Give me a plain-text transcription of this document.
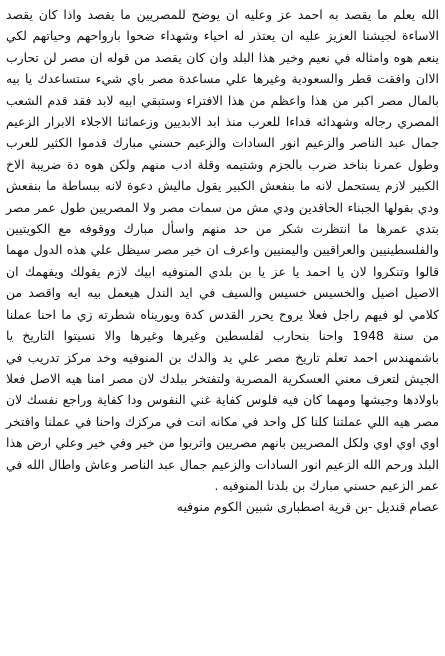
الله يعلم ما يقصد به احمد عز وعليه ان يوضح للمصريين ما يقصد واذا كان يقصد الاساءة لجيشنا العزيز عليه ان يعتذر له احياء وشهداء ضحوا بارواحهم وحياتهم لكي ينعم هوه وامثاله في نعيم وخير هذا البلد وان كان يقصد من قوله ان مصر لن تحارب الاان وافقت قطر والسعودية وغيرها علي مساعدة مصر باي شيء ستساعدك يا بيه بالمال مصر اكبر من هذا واعظم من هذا الافتراء وستبقي ابيه لابد فقد قدم الشعب المصري رجاله وشهدائه فداءا للعرب منذ ابد الابديين وزعمائنا الاجلاء الابرار الزعيم جمال عبد الناصر والزعيم انور السادات والزعيم حسني مبارك قدموا الكثير للعرب وطول عمرنا بناخد ضرب بالجزم وشتيمه وقلة ادب منهم ولكن هوه دة ضريبة الاخ الكبير لازم يستحمل لانه ما بنفعش الكبير يقول ماليش دعوة لانه ببساطة ما بنفعش ودي بقولها الجبناء الحاقدين ودي مش من سمات مصر ولا المصريين طول عمر مصر بتدي عمرها ما انتظرت شكر من حد منهم واسأل مبارك ووقوفه مع الكويتيين والفلسطينيين والعراقيين واليمنيين واعرف ان خير مصر سيظل علي هذه الدول مهما قالوا وتنكروا لان يا احمد يا عز يا بن بلدي المنوفيه ابيك لازم يقولك ويفهمك ان الاصيل اصيل والخسيس خسيس والسيف في ايد الندل هيعمل بيه ايه واقصد من كلامي لو فيهم راجل فعلا يروح يحرر القدس كدة ويوريناه شطرته زي ما احنا عملنا من سنة 1948 واحنا بنحارب لفلسطين وغيرها وغيرها والا نسيتوا التاريخ يا باشمهندس احمد تعلم تاريخ مصر علي يد والدك بن المنوفيه وخد مركز تدريب في الجيش لتعرف معني العسكرية المصرية ولتفتخر ببلدك لان مصر امنا هيه الاصل فعلا باولادها وجيشها ومهما كان فيه فلوس كفاية غني النفوس ودا كفاية وراجع نفسك لان مصر هيه اللي عملتنا كلنا كل واحد في مكانه انت في مركزك واحنا في عملنا وافتخر اوي اوي اوي ولكل المصريين بانهم مصريين واتربوا من خير وفي خير وعلي ارض هذا البلد ورحم الله الزعيم انور السادات والزعيم جمال عبد الناصر وعاش واطال الله في عمر الزعيم حسني مبارك بن بلدنا المنوفيه .

عصام قنديل -بن قرية اصطبارى شبين الكوم منوفيه
